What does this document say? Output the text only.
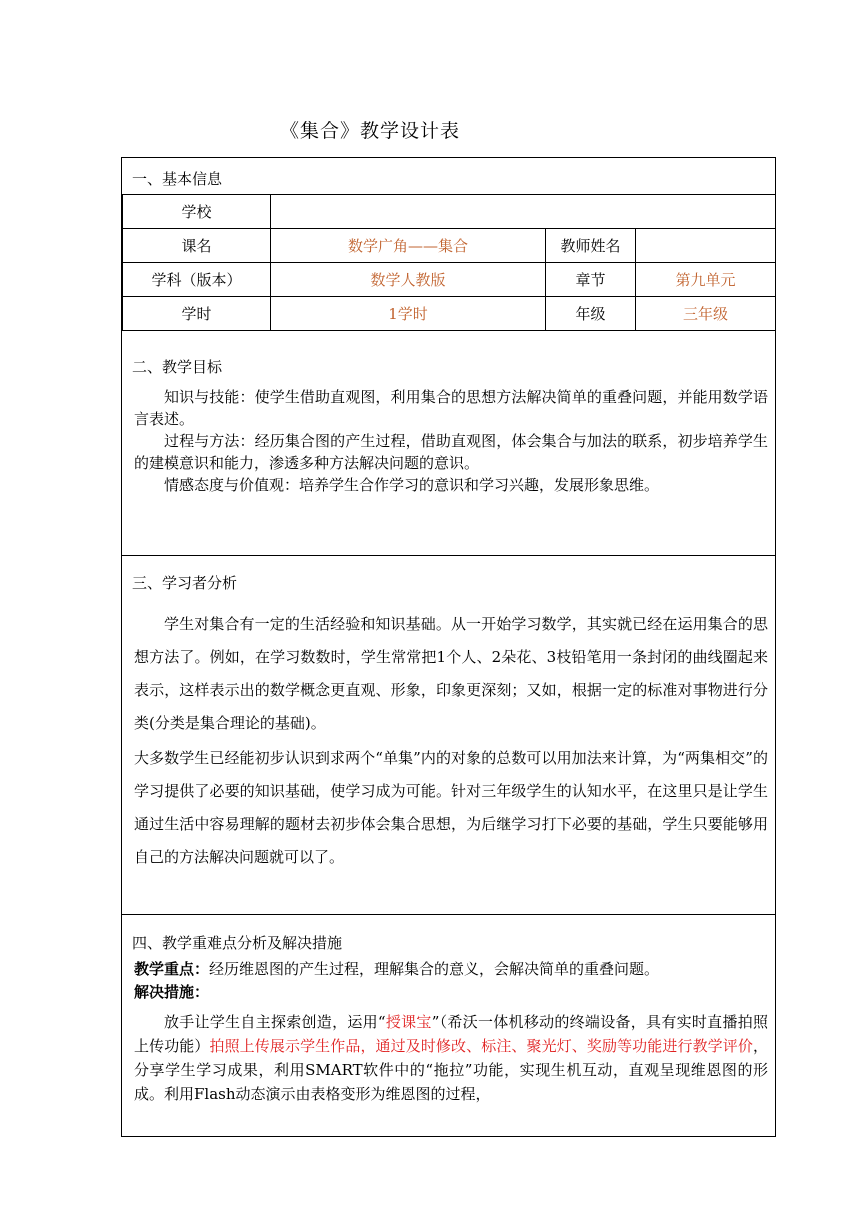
《集合》教学设计表
一、基本信息
学校
课名	数学广角——集合	教师姓名
学科（版本）	数学人教版	章节	第九单元
学时	1学时	年级	三年级
二、教学目标

知识与技能：使学生借助直观图，利用集合的思想方法解决简单的重叠问题，并能用数学语言表述。

过程与方法：经历集合图的产生过程，借助直观图，体会集合与加法的联系，初步培养学生的建模意识和能力，渗透多种方法解决问题的意识。

情感态度与价值观：培养学生合作学习的意识和学习兴趣，发展形象思维。

三、学习者分析

学生对集合有一定的生活经验和知识基础。从一开始学习数学，其实就已经在运用集合的思想方法了。例如，在学习数数时，学生常常把1个人、2朵花、3枝铅笔用一条封闭的曲线圈起来表示，这样表示出的数学概念更直观、形象，印象更深刻；又如，根据一定的标准对事物进行分类(分类是集合理论的基础)。

大多数学生已经能初步认识到求两个“单集”内的对象的总数可以用加法来计算，为“两集相交”的学习提供了必要的知识基础，使学习成为可能。针对三年级学生的认知水平，在这里只是让学生通过生活中容易理解的题材去初步体会集合思想，为后继学习打下必要的基础，学生只要能够用自己的方法解决问题就可以了。

四、教学重难点分析及解决措施

教学重点：经历维恩图的产生过程，理解集合的意义，会解决简单的重叠问题。

解决措施：

放手让学生自主探索创造，运用“授课宝”（希沃一体机移动的终端设备，具有实时直播拍照上传功能）拍照上传展示学生作品，通过及时修改、标注、聚光灯、奖励等功能进行教学评价，分享学生学习成果，利用SMART软件中的“拖拉”功能，实现生机互动，直观呈现维恩图的形成。利用Flash动态演示由表格变形为维恩图的过程，
